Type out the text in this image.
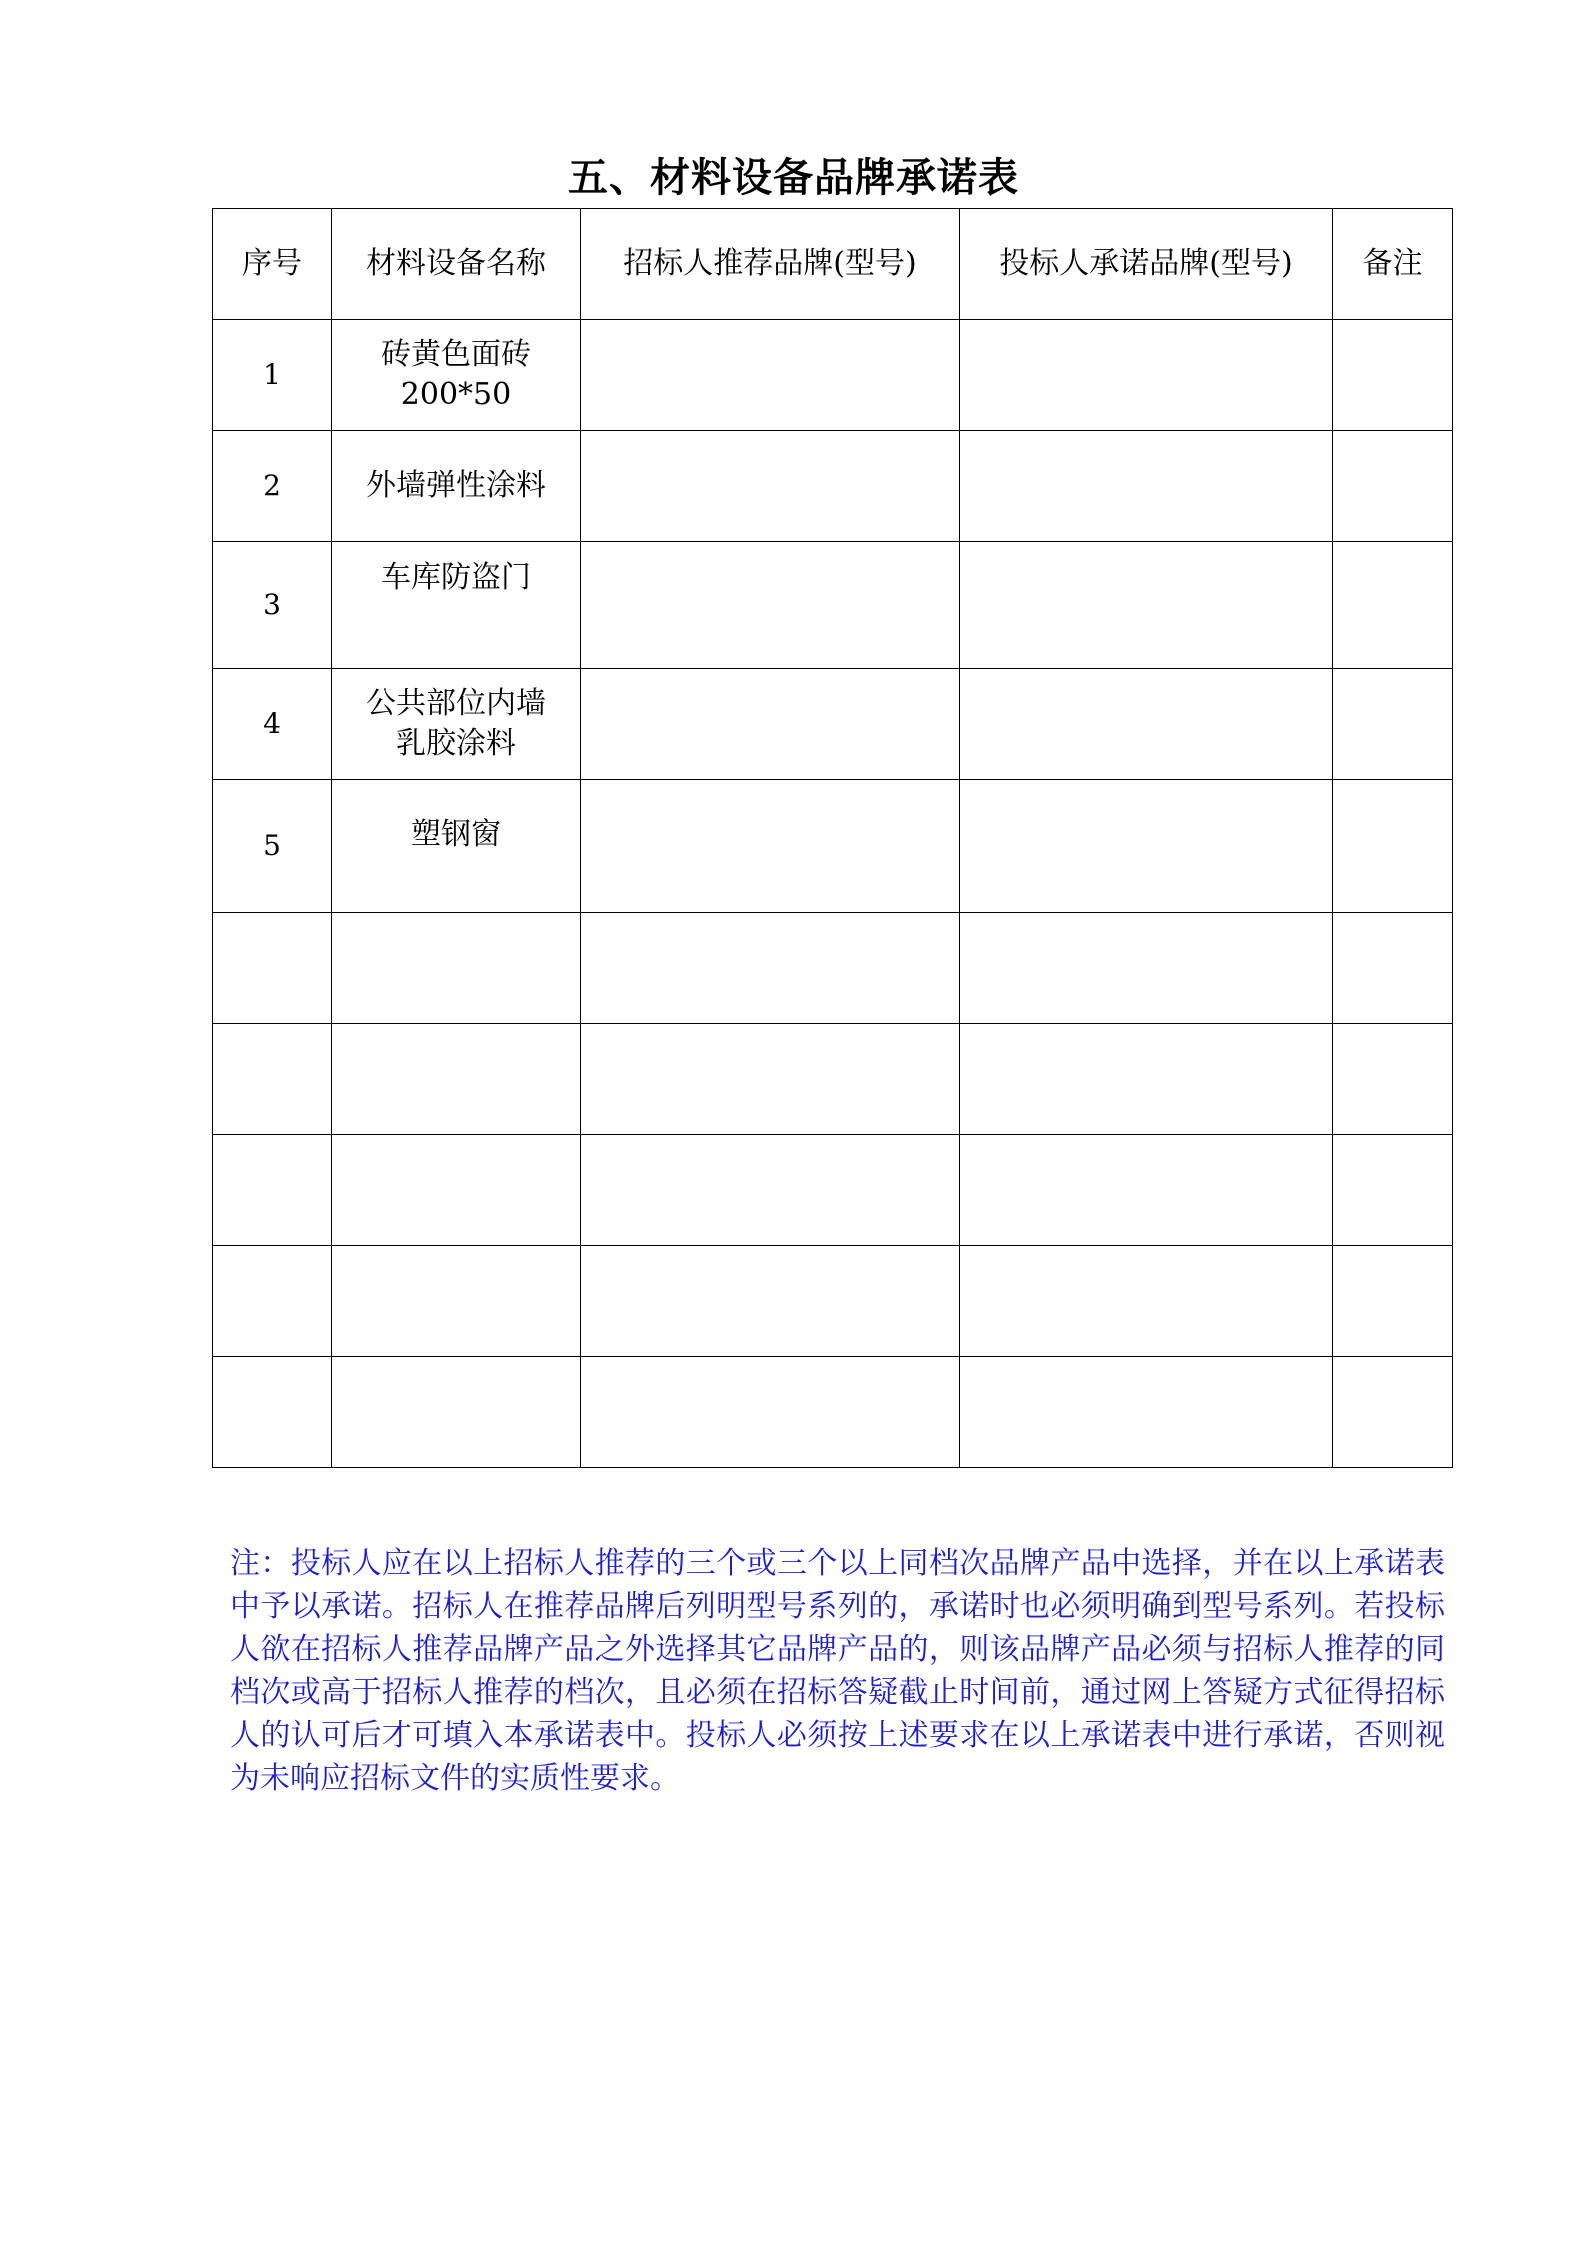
五、材料设备品牌承诺表
序号	材料设备名称	招标人推荐品牌(型号)	投标人承诺品牌(型号)	备注
1	砖黄色面砖
200*50			
2	外墙弹性涂料			
3	车库防盗门			
4	公共部位内墙
乳胶涂料			
5	塑钢窗			

注：投标人应在以上招标人推荐的三个或三个以上同档次品牌产品中选择，并在以上承诺表中予以承诺。招标人在推荐品牌后列明型号系列的，承诺时也必须明确到型号系列。若投标人欲在招标人推荐品牌产品之外选择其它品牌产品的，则该品牌产品必须与招标人推荐的同档次或高于招标人推荐的档次，且必须在招标答疑截止时间前，通过网上答疑方式征得招标人的认可后才可填入本承诺表中。投标人必须按上述要求在以上承诺表中进行承诺，否则视为未响应招标文件的实质性要求。
